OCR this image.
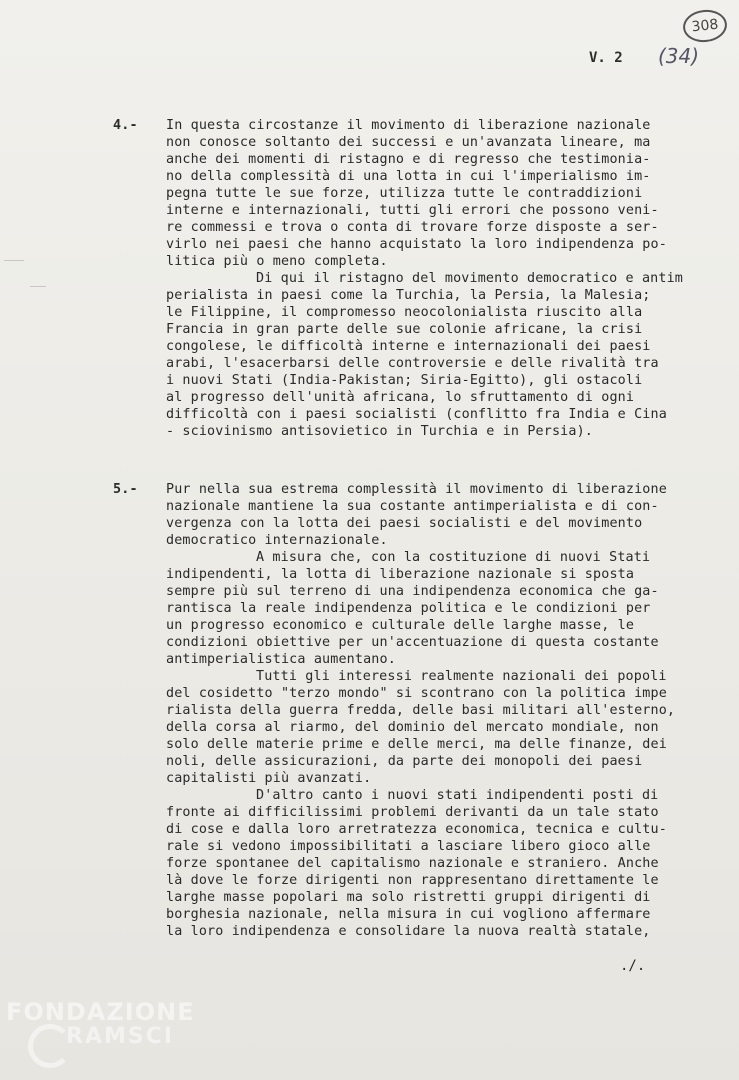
308
V. 2 (34)
4.- In questa circostanze il movimento di liberazione nazionale
non conosce soltanto dei successi e un'avanzata lineare, ma
anche dei momenti di ristagno e di regresso che testimonia-
no della complessità di una lotta in cui l'imperialismo im-
pegna tutte le sue forze, utilizza tutte le contraddizioni
interne e internazionali, tutti gli errori che possono veni-
re commessi e trova o conta di trovare forze disposte a ser-
virlo nei paesi che hanno acquistato la loro indipendenza po-
litica più o meno completa.
Di qui il ristagno del movimento democratico e antim
perialista in paesi come la Turchia, la Persia, la Malesia;
le Filippine, il compromesso neocolonialista riuscito alla
Francia in gran parte delle sue colonie africane, la crisi
congolese, le difficoltà interne e internazionali dei paesi
arabi, l'esacerbarsi delle controversie e delle rivalità tra
i nuovi Stati (India-Pakistan; Siria-Egitto), gli ostacoli
al progresso dell'unità africana, lo sfruttamento di ogni
difficoltà con i paesi socialisti (conflitto fra India e Cina
- sciovinismo antisovietico in Turchia e in Persia).
5.- Pur nella sua estrema complessità il movimento di liberazione
nazionale mantiene la sua costante antimperialista e di con-
vergenza con la lotta dei paesi socialisti e del movimento
democratico internazionale.
A misura che, con la costituzione di nuovi Stati
indipendenti, la lotta di liberazione nazionale si sposta
sempre più sul terreno di una indipendenza economica che ga-
rantisca la reale indipendenza politica e le condizioni per
un progresso economico e culturale delle larghe masse, le
condizioni obiettive per un'accentuazione di questa costante
antimperialistica aumentano.
Tutti gli interessi realmente nazionali dei popoli
del cosidetto "terzo mondo" si scontrano con la politica impe
rialista della guerra fredda, delle basi militari all'esterno,
della corsa al riarmo, del dominio del mercato mondiale, non
solo delle materie prime e delle merci, ma delle finanze, dei
noli, delle assicurazioni, da parte dei monopoli dei paesi
capitalisti più avanzati.
D'altro canto i nuovi stati indipendenti posti di
fronte ai difficilissimi problemi derivanti da un tale stato
di cose e dalla loro arretratezza economica, tecnica e cultu-
rale si vedono impossibilitati a lasciare libero gioco alle
forze spontanee del capitalismo nazionale e straniero. Anche
là dove le forze dirigenti non rappresentano direttamente le
larghe masse popolari ma solo ristretti gruppi dirigenti di
borghesia nazionale, nella misura in cui vogliono affermare
la loro indipendenza e consolidare la nuova realtà statale,
./.
FONDAZIONE
RAMSCI
